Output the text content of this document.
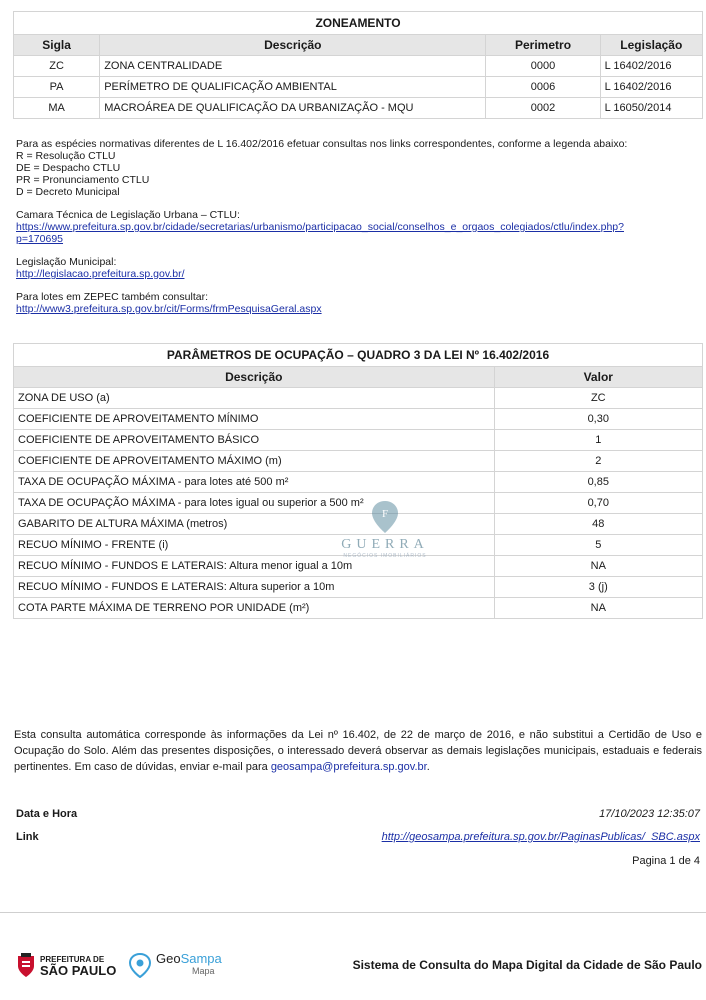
ZONEAMENTO			
Sigla	Descrição	Perimetro	Legislação
ZC	ZONA CENTRALIDADE	0000	L 16402/2016
PA	PERÍMETRO DE QUALIFICAÇÃO AMBIENTAL	0006	L 16402/2016
MA	MACROÁREA DE QUALIFICAÇÃO DA URBANIZAÇÃO - MQU	0002	L 16050/2014

Para as espécies normativas diferentes de L 16.402/2016 efetuar consultas nos links correspondentes, conforme a legenda abaixo:
R = Resolução CTLU
DE = Despacho CTLU
PR = Pronunciamento CTLU
D = Decreto Municipal

Camara Técnica de Legislação Urbana – CTLU:
https://www.prefeitura.sp.gov.br/cidade/secretarias/urbanismo/participacao_social/conselhos_e_orgaos_colegiados/ctlu/index.php?
p=170695

Legislação Municipal:
http://legislacao.prefeitura.sp.gov.br/

Para lotes em ZEPEC também consultar:
http://www3.prefeitura.sp.gov.br/cit/Forms/frmPesquisaGeral.aspx

PARÂMETROS DE OCUPAÇÃO – QUADRO 3 DA LEI Nº 16.402/2016	
Descrição	Valor
ZONA DE USO (a)	ZC
COEFICIENTE DE APROVEITAMENTO MÍNIMO	0,30
COEFICIENTE DE APROVEITAMENTO BÁSICO	1
COEFICIENTE DE APROVEITAMENTO MÁXIMO (m)	2
TAXA DE OCUPAÇÃO MÁXIMA - para lotes até 500 m²	0,85
TAXA DE OCUPAÇÃO MÁXIMA - para lotes igual ou superior a 500 m²	0,70
GABARITO DE ALTURA MÁXIMA (metros)	48
RECUO MÍNIMO - FRENTE (i)	5
RECUO MÍNIMO - FUNDOS E LATERAIS: Altura menor igual a 10m	NA
RECUO MÍNIMO - FUNDOS E LATERAIS: Altura superior a 10m	3 (j)
COTA PARTE MÁXIMA DE TERRENO POR UNIDADE (m²)	NA
F
GUERRA
NEGÓCIOS IMOBILIÁRIOS
Esta consulta automática corresponde às informações da Lei nº 16.402, de 22 de março de 2016, e não substitui a Certidão de Uso e Ocupação do Solo. Além das presentes disposições, o interessado deverá observar as demais legislações municipais, estaduais e federais pertinentes. Em caso de dúvidas, enviar e-mail para geosampa@prefeitura.sp.gov.br.
Data e Hora	17/10/2023 12:35:07
Link	http://geosampa.prefeitura.sp.gov.br/PaginasPublicas/_SBC.aspx
Pagina 1 de 4
PREFEITURA DE
SÃO PAULO
GeoSampa
Mapa	Sistema de Consulta do Mapa Digital da Cidade de São Paulo
